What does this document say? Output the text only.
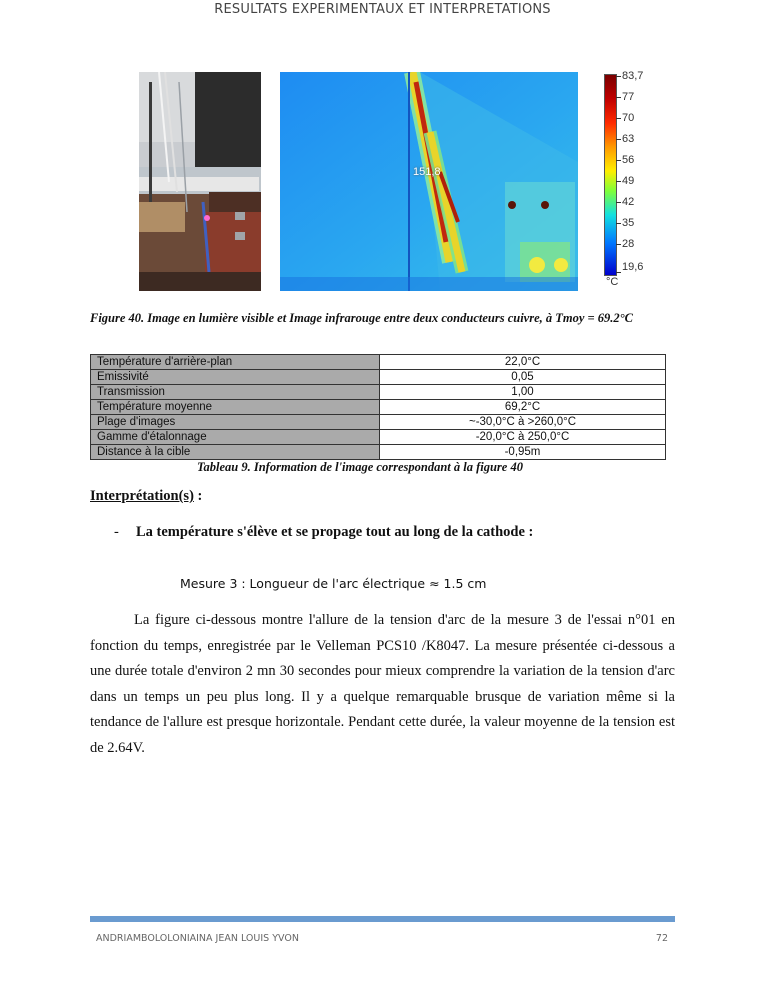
RESULTATS EXPERIMENTAUX ET INTERPRETATIONS
151,8
83,7
77
70
63
56
49
42
35
28
19,6
°C
Figure 40. Image en lumière visible et Image infrarouge entre deux conducteurs cuivre, à Tmoy = 69.2°C
Température d'arrière-plan	22,0°C
Emissivité	0,05
Transmission	1,00
Température moyenne	69,2°C
Plage d'images	~-30,0°C à >260,0°C
Gamme d'étalonnage	-20,0°C à 250,0°C
Distance à la cible	-0,95m
Tableau 9. Information de l'image correspondant à la figure 40
Interprétation(s) :
- La température s'élève et se propage tout au long de la cathode :
Mesure 3 : Longueur de l'arc électrique ≈ 1.5 cm
La figure ci-dessous montre l'allure de la tension d'arc de la mesure 3 de l'essai n°01 en fonction du temps, enregistrée par le Velleman PCS10 /K8047. La mesure présentée ci-dessous a une durée totale d'environ 2 mn 30 secondes pour mieux comprendre la variation de la tension d'arc dans un temps un peu plus long. Il y a quelque remarquable brusque de variation même si la tendance de l'allure est presque horizontale. Pendant cette durée, la valeur moyenne de la tension est de 2.64V.
ANDRIAMBOLOLONIAINA JEAN LOUIS YVON	72
